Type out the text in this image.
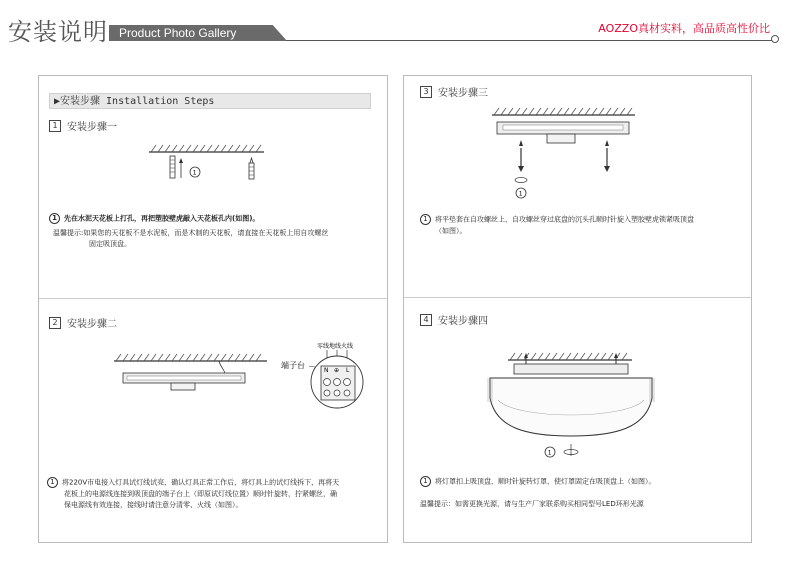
安装说明 Product Photo Gallery	AOZZO真材实料，高品质高性价比
▶安装步骤 Installation Steps
1 安装步骤一
1
1 先在水泥天花板上打孔，再把塑胶壁虎敲入天花板孔内(如图)。
温馨提示:如果您的天花板不是水泥板，而是木制的天花板，请直接在天花板上用自攻螺丝
固定吸顶盘。
2 安装步骤二
零线地线火线
端子台
N ⊕ L
1 将220V市电接入灯具试灯线试亮，确认灯具正常工作后，将灯具上的试灯线拆下，再将天
花板上的电源线连接到吸顶盘的端子台上（即原试灯线位置）顺时针旋转，拧紧螺丝，确
保电源线有效连接，接线时请注意分清零、火线（如图）。
3 安装步骤三
1
1 将平垫套在自攻螺丝上，自攻螺丝穿过底盘的沉头孔顺时针旋入塑胶壁虎锁紧吸顶盘
（如图）。
4 安装步骤四
1
1 将灯罩扣上吸顶盘，顺时针旋转灯罩，使灯罩固定在吸顶盘上（如图）。
温馨提示：如需更换光源，请与生产厂家联系购买相同型号LED环形光源
